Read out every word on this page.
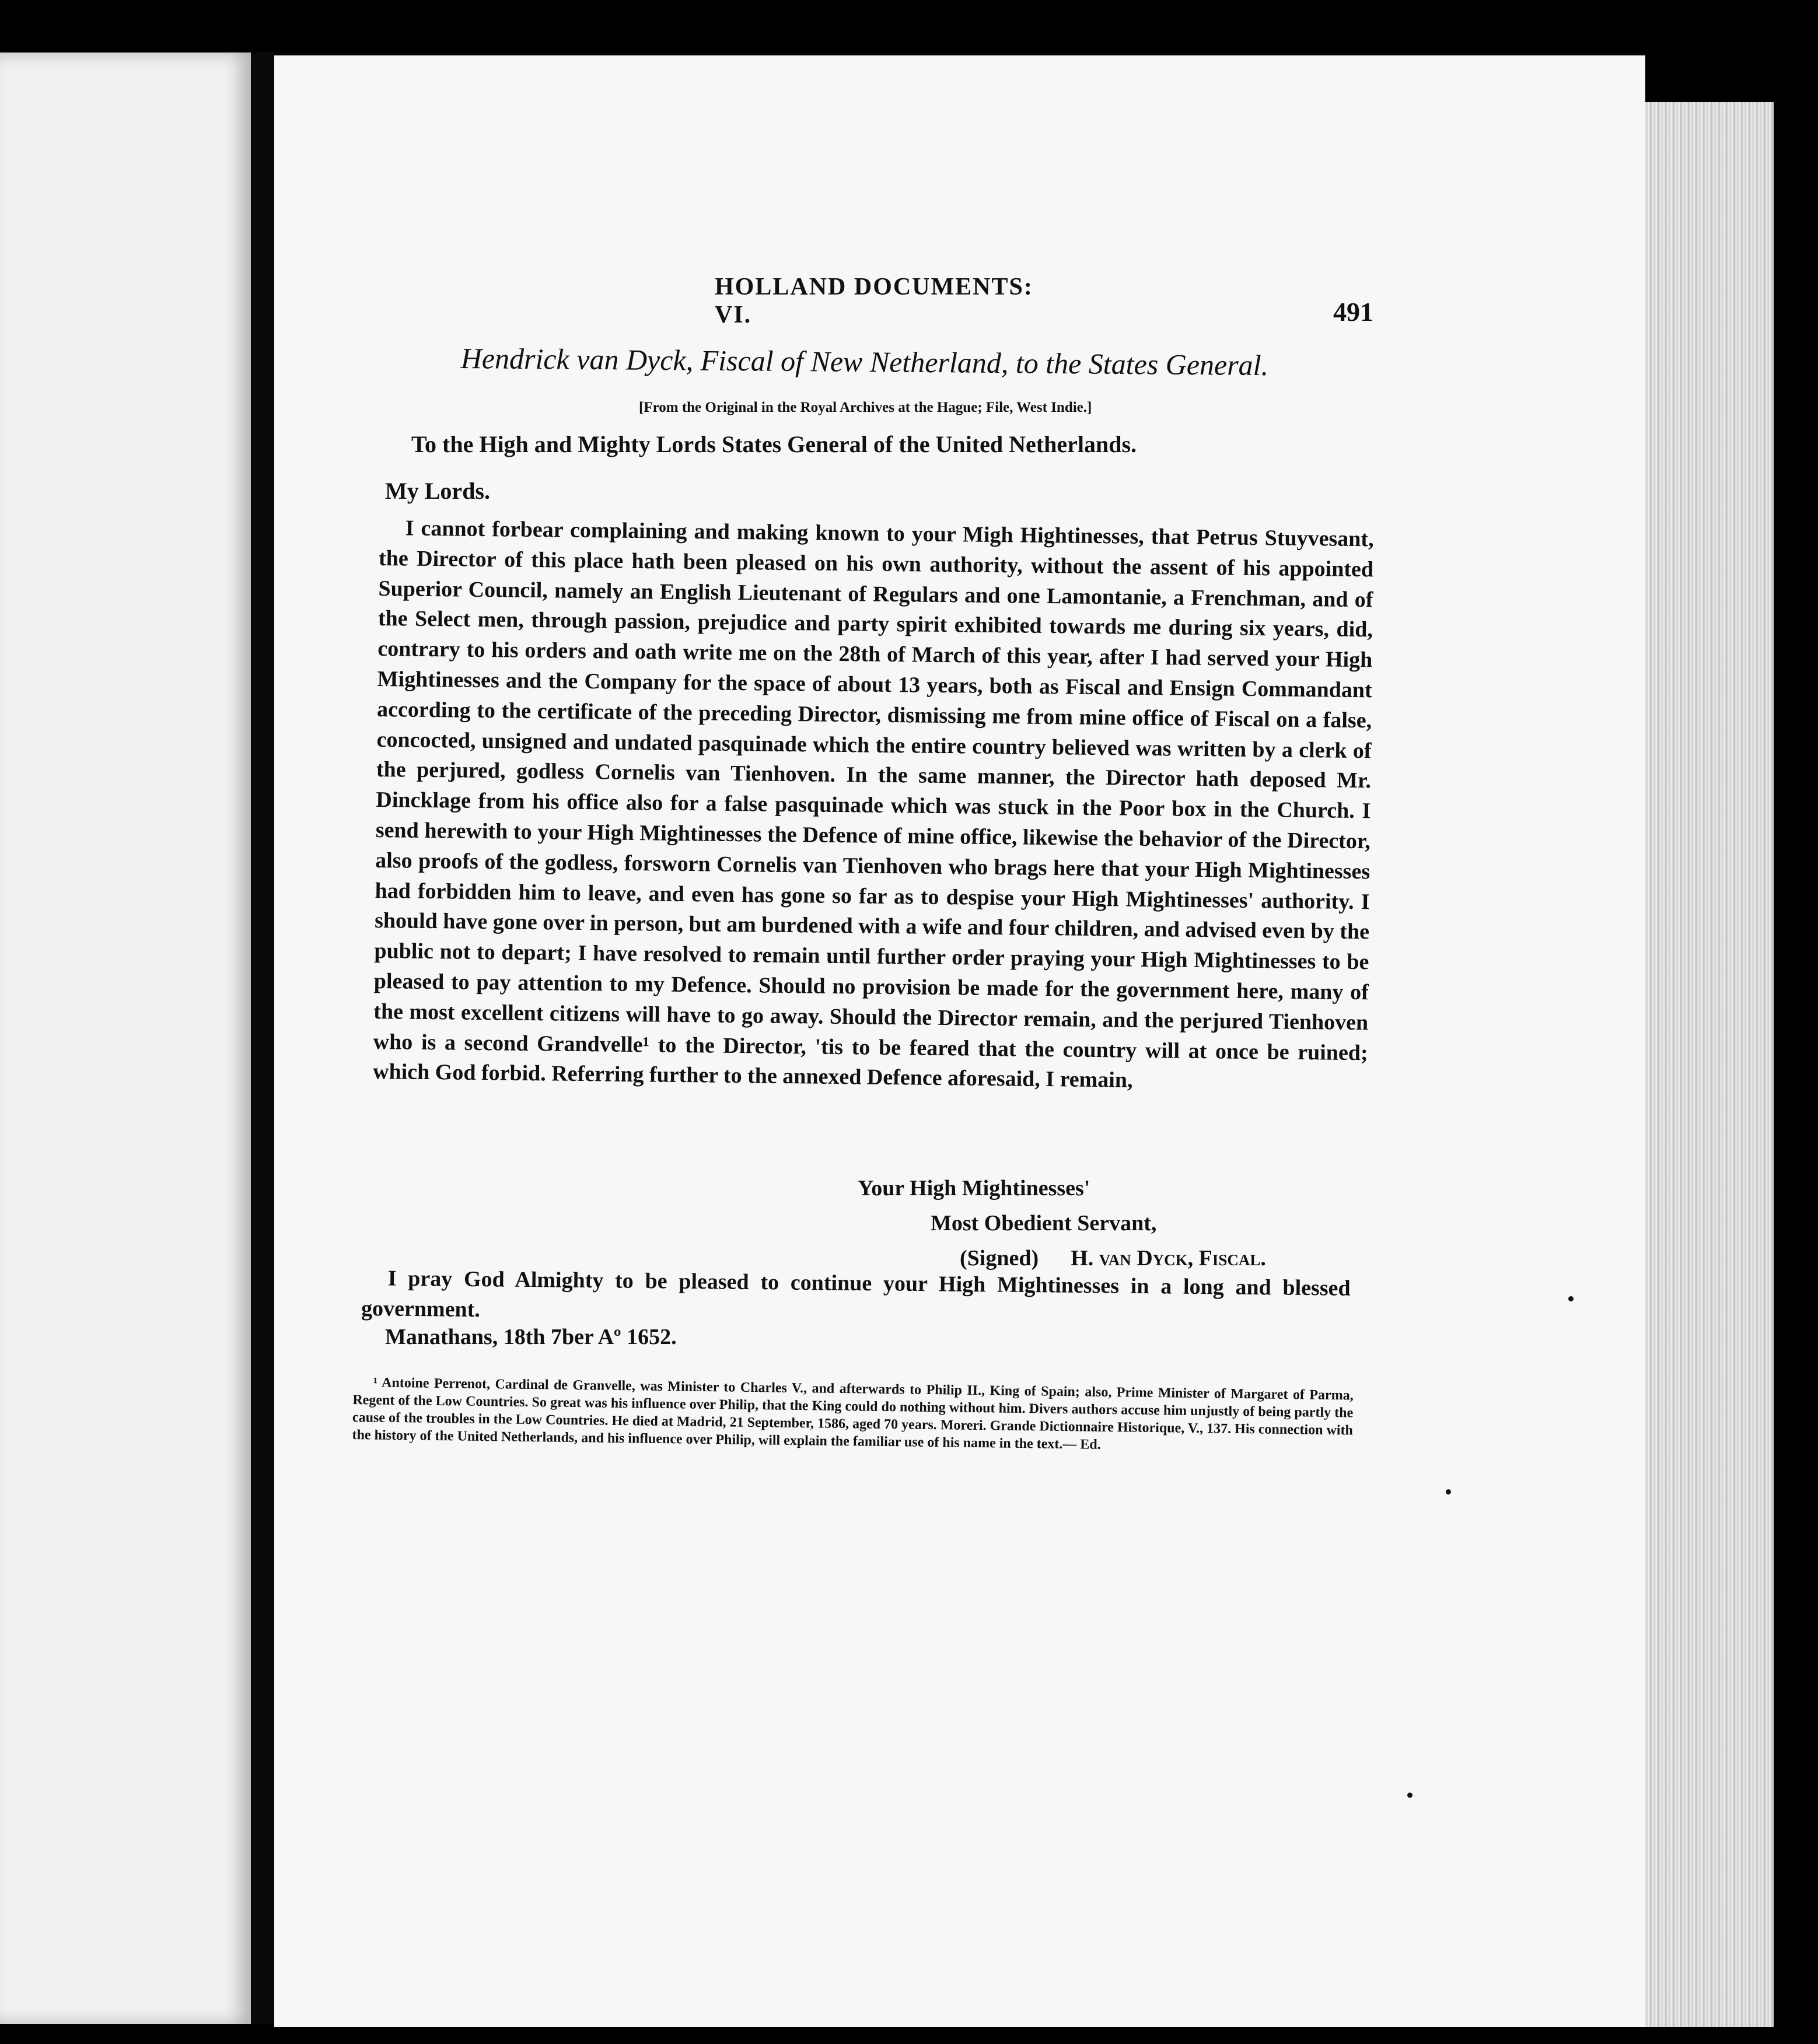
HOLLAND DOCUMENTS: VI.	491
Hendrick van Dyck, Fiscal of New Netherland, to the States General.
[From the Original in the Royal Archives at the Hague; File, West Indie.]
To the High and Mighty Lords States General of the United Netherlands.
My Lords.
I cannot forbear complaining and making known to your Migh Hightinesses, that Petrus Stuyvesant, the Director of this place hath been pleased on his own authority, without the assent of his appointed Superior Council, namely an English Lieutenant of Regulars and one Lamontanie, a Frenchman, and of the Select men, through passion, prejudice and party spirit exhibited towards me during six years, did, contrary to his orders and oath write me on the 28th of March of this year, after I had served your High Mightinesses and the Company for the space of about 13 years, both as Fiscal and Ensign Commandant according to the certificate of the preceding Director, dismissing me from mine office of Fiscal on a false, concocted, unsigned and undated pasquinade which the entire country believed was written by a clerk of the perjured, godless Cornelis van Tienhoven. In the same manner, the Director hath deposed Mr. Dincklage from his office also for a false pasquinade which was stuck in the Poor box in the Church. I send herewith to your High Mightinesses the Defence of mine office, likewise the behavior of the Director, also proofs of the godless, forsworn Cornelis van Tienhoven who brags here that your High Mightinesses had forbidden him to leave, and even has gone so far as to despise your High Mightinesses' authority. I should have gone over in person, but am burdened with a wife and four children, and advised even by the public not to depart; I have resolved to remain until further order praying your High Mightinesses to be pleased to pay attention to my Defence. Should no provision be made for the government here, many of the most excellent citizens will have to go away. Should the Director remain, and the perjured Tienhoven who is a second Grandvelle¹ to the Director, 'tis to be feared that the country will at once be ruined; which God forbid. Referring further to the annexed Defence aforesaid, I remain,
Your High Mightinesses'
Most Obedient Servant,
(Signed) H. van Dyck, Fiscal.
I pray God Almighty to be pleased to continue your High Mightinesses in a long and blessed government.
Manathans, 18th 7ber Aº 1652.
¹ Antoine Perrenot, Cardinal de Granvelle, was Minister to Charles V., and afterwards to Philip II., King of Spain; also, Prime Minister of Margaret of Parma, Regent of the Low Countries. So great was his influence over Philip, that the King could do nothing without him. Divers authors accuse him unjustly of being partly the cause of the troubles in the Low Countries. He died at Madrid, 21 September, 1586, aged 70 years. Moreri. Grande Dictionnaire Historique, V., 137. His connection with the history of the United Netherlands, and his influence over Philip, will explain the familiar use of his name in the text.— Ed.
